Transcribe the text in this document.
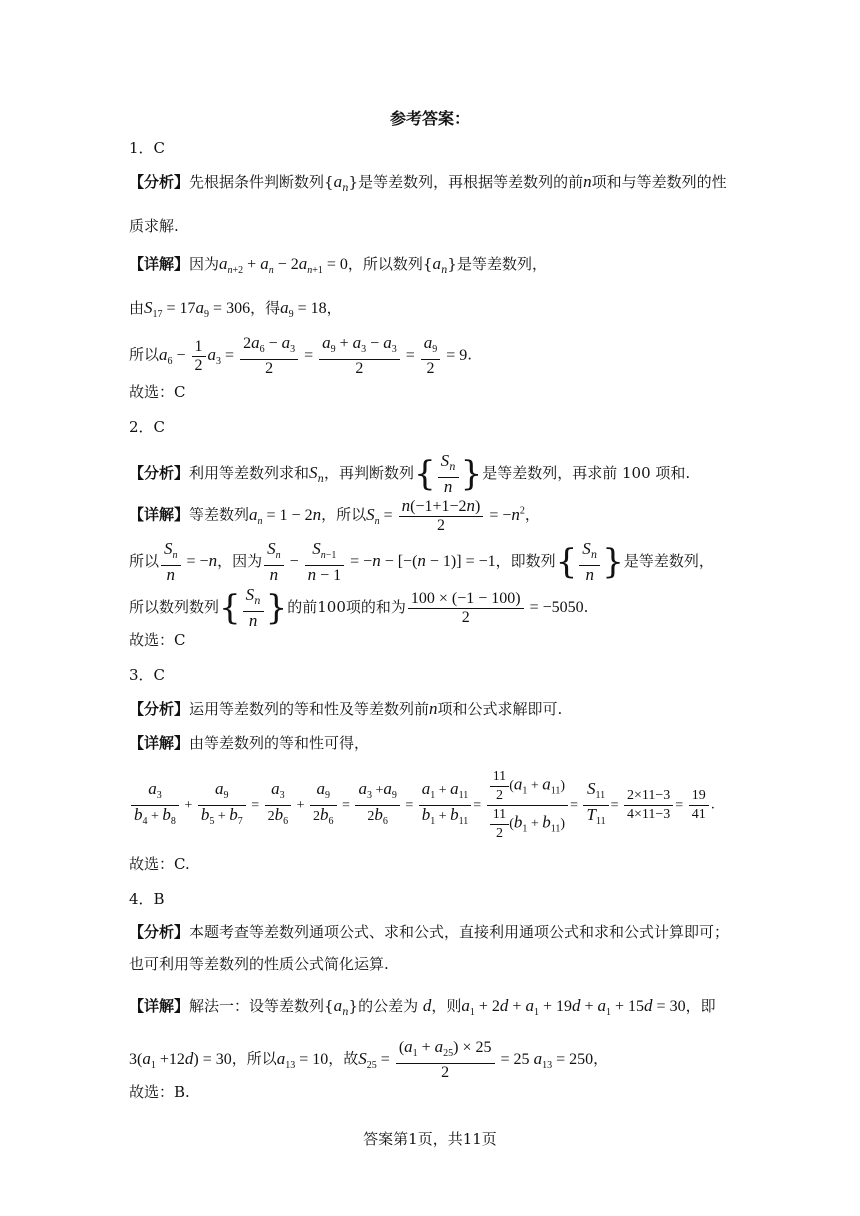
参考答案：
1．C
【分析】先根据条件判断数列$\{a_n\}$是等差数列，再根据等差数列的前n项和与等差数列的性
质求解.
【详解】因为$a_{n+2} + a_n - 2a_{n+1} = 0$，所以数列$\{a_n\}$是等差数列，
由$S_{17} = 17a_9 = 306$，得$a_9 = 18$，
所以$a_6 - \frac{1}{2} a_3 = \frac{2a_6 - a_3}{2} = \frac{a_9 + a_3 - a_3}{2} = \frac{a_9}{2} = 9$.
故选：C
2．C
【分析】利用等差数列求和$S_n$，再判断数列{ $\frac{S_n}{n}$ }是等差数列，再求前 100 项和.
【详解】等差数列$a_n = 1 - 2n$，所以$S_n = \frac{n(-1+1-2n)}{2} = -n^2$，
所以 $\frac{S_n}{n} = -n$，因为 $\frac{S_n}{n} - \frac{S_{n-1}}{n - 1} = -n - [-(n - 1)] = -1$，即数列{ $\frac{S_n}{n}$ }是等差数列，
所以数列数列{ $\frac{S_n}{n}$ }的前100项的和为 $\frac{100 \times (-1 - 100)}{2} = -5050$.
故选：C
3．C
【分析】运用等差数列的等和性及等差数列前n项和公式求解即可.
【详解】由等差数列的等和性可得，
$\frac{a_3}{b_4 + b_8} + \frac{a_9}{b_5 + b_7} = \frac{a_3}{2b_6} + \frac{a_9}{2b_6} = \frac{a_3 +a_9}{2b_6} = \frac{a_1 + a_{11}}{b_1 + b_{11}} = \frac{\frac{11}{2} (a_1 + a_{11})}{\frac{11}{2} (b_1 + b_{11})} = \frac{S_{11}}{T_{11}} = \frac{2\times 11-3}{4\times 11-3} = \frac{19}{41}$ .
故选：C.
4．B
【分析】本题考查等差数列通项公式、求和公式，直接利用通项公式和求和公式计算即可；
也可利用等差数列的性质公式简化运算.
【详解】解法一：设等差数列$\{a_n\}$的公差为 d，则$a_1 + 2d + a_1 + 19d + a_1 + 15d = 30$，即
$3(a_1 +12d) = 30$，所以$a_{13} = 10$，故$S_{25} = \frac{(a_1 + a_{25}) \times 25}{2} = 25$ $a_{13} = 250$，
故选：B.
答案第1页，共11页
